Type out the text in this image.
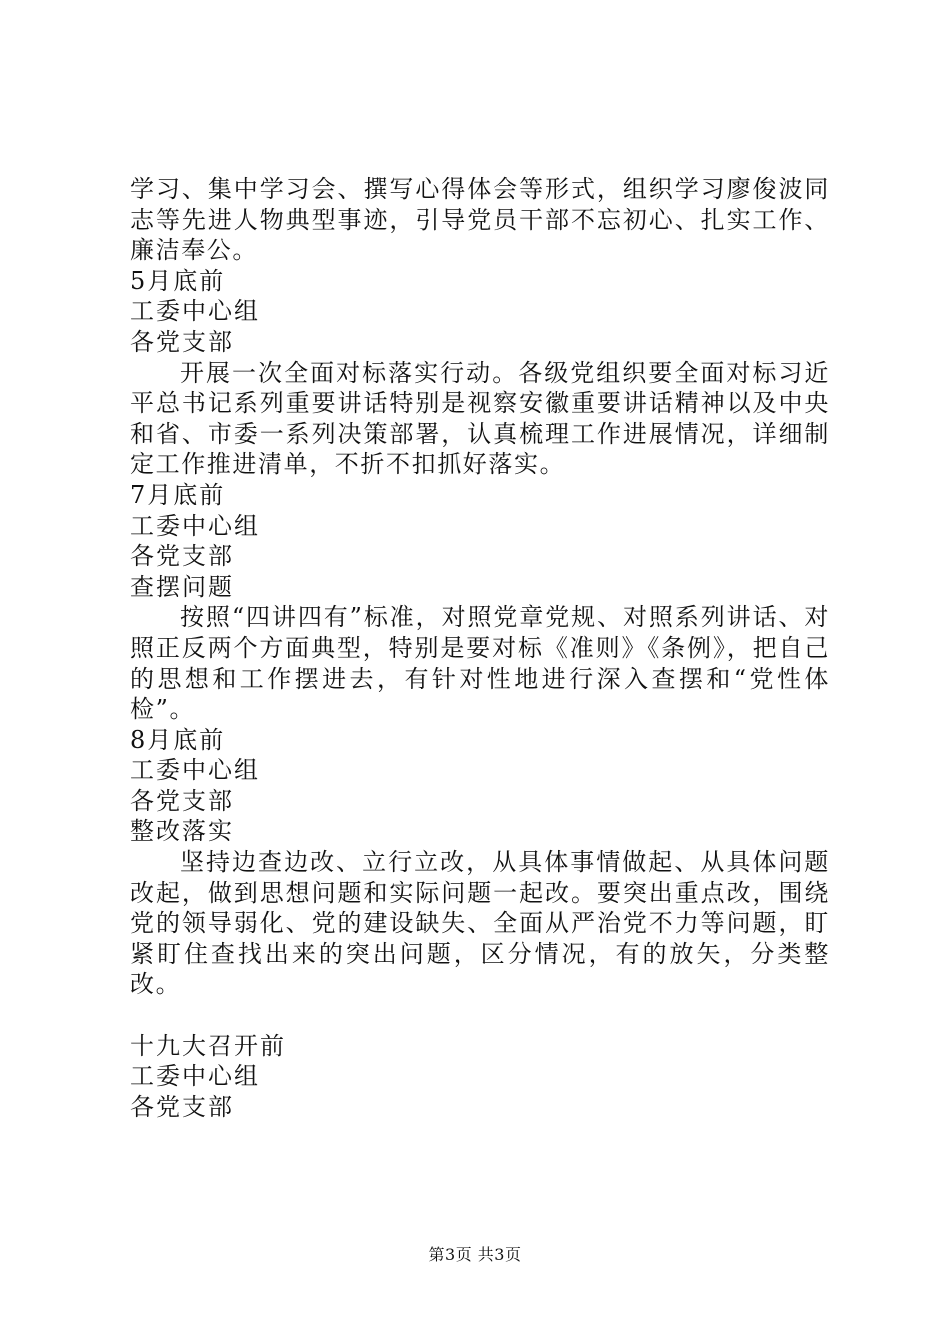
学习、集中学习会、撰写心得体会等形式，组织学习廖俊波同志等先进人物典型事迹，引导党员干部不忘初心、扎实工作、廉洁奉公。

5月底前

工委中心组

各党支部

开展一次全面对标落实行动。各级党组织要全面对标习近平总书记系列重要讲话特别是视察安徽重要讲话精神以及中央和省、市委一系列决策部署，认真梳理工作进展情况，详细制定工作推进清单，不折不扣抓好落实。

7月底前

工委中心组

各党支部

查摆问题

按照“四讲四有”标准，对照党章党规、对照系列讲话、对照正反两个方面典型，特别是要对标《准则》《条例》，把自己的思想和工作摆进去，有针对性地进行深入查摆和“党性体检”。

8月底前

工委中心组

各党支部

整改落实

坚持边查边改、立行立改，从具体事情做起、从具体问题改起，做到思想问题和实际问题一起改。要突出重点改，围绕党的领导弱化、党的建设缺失、全面从严治党不力等问题，盯紧盯住查找出来的突出问题，区分情况，有的放矢，分类整改。

十九大召开前

工委中心组

各党支部

第3页 共3页
